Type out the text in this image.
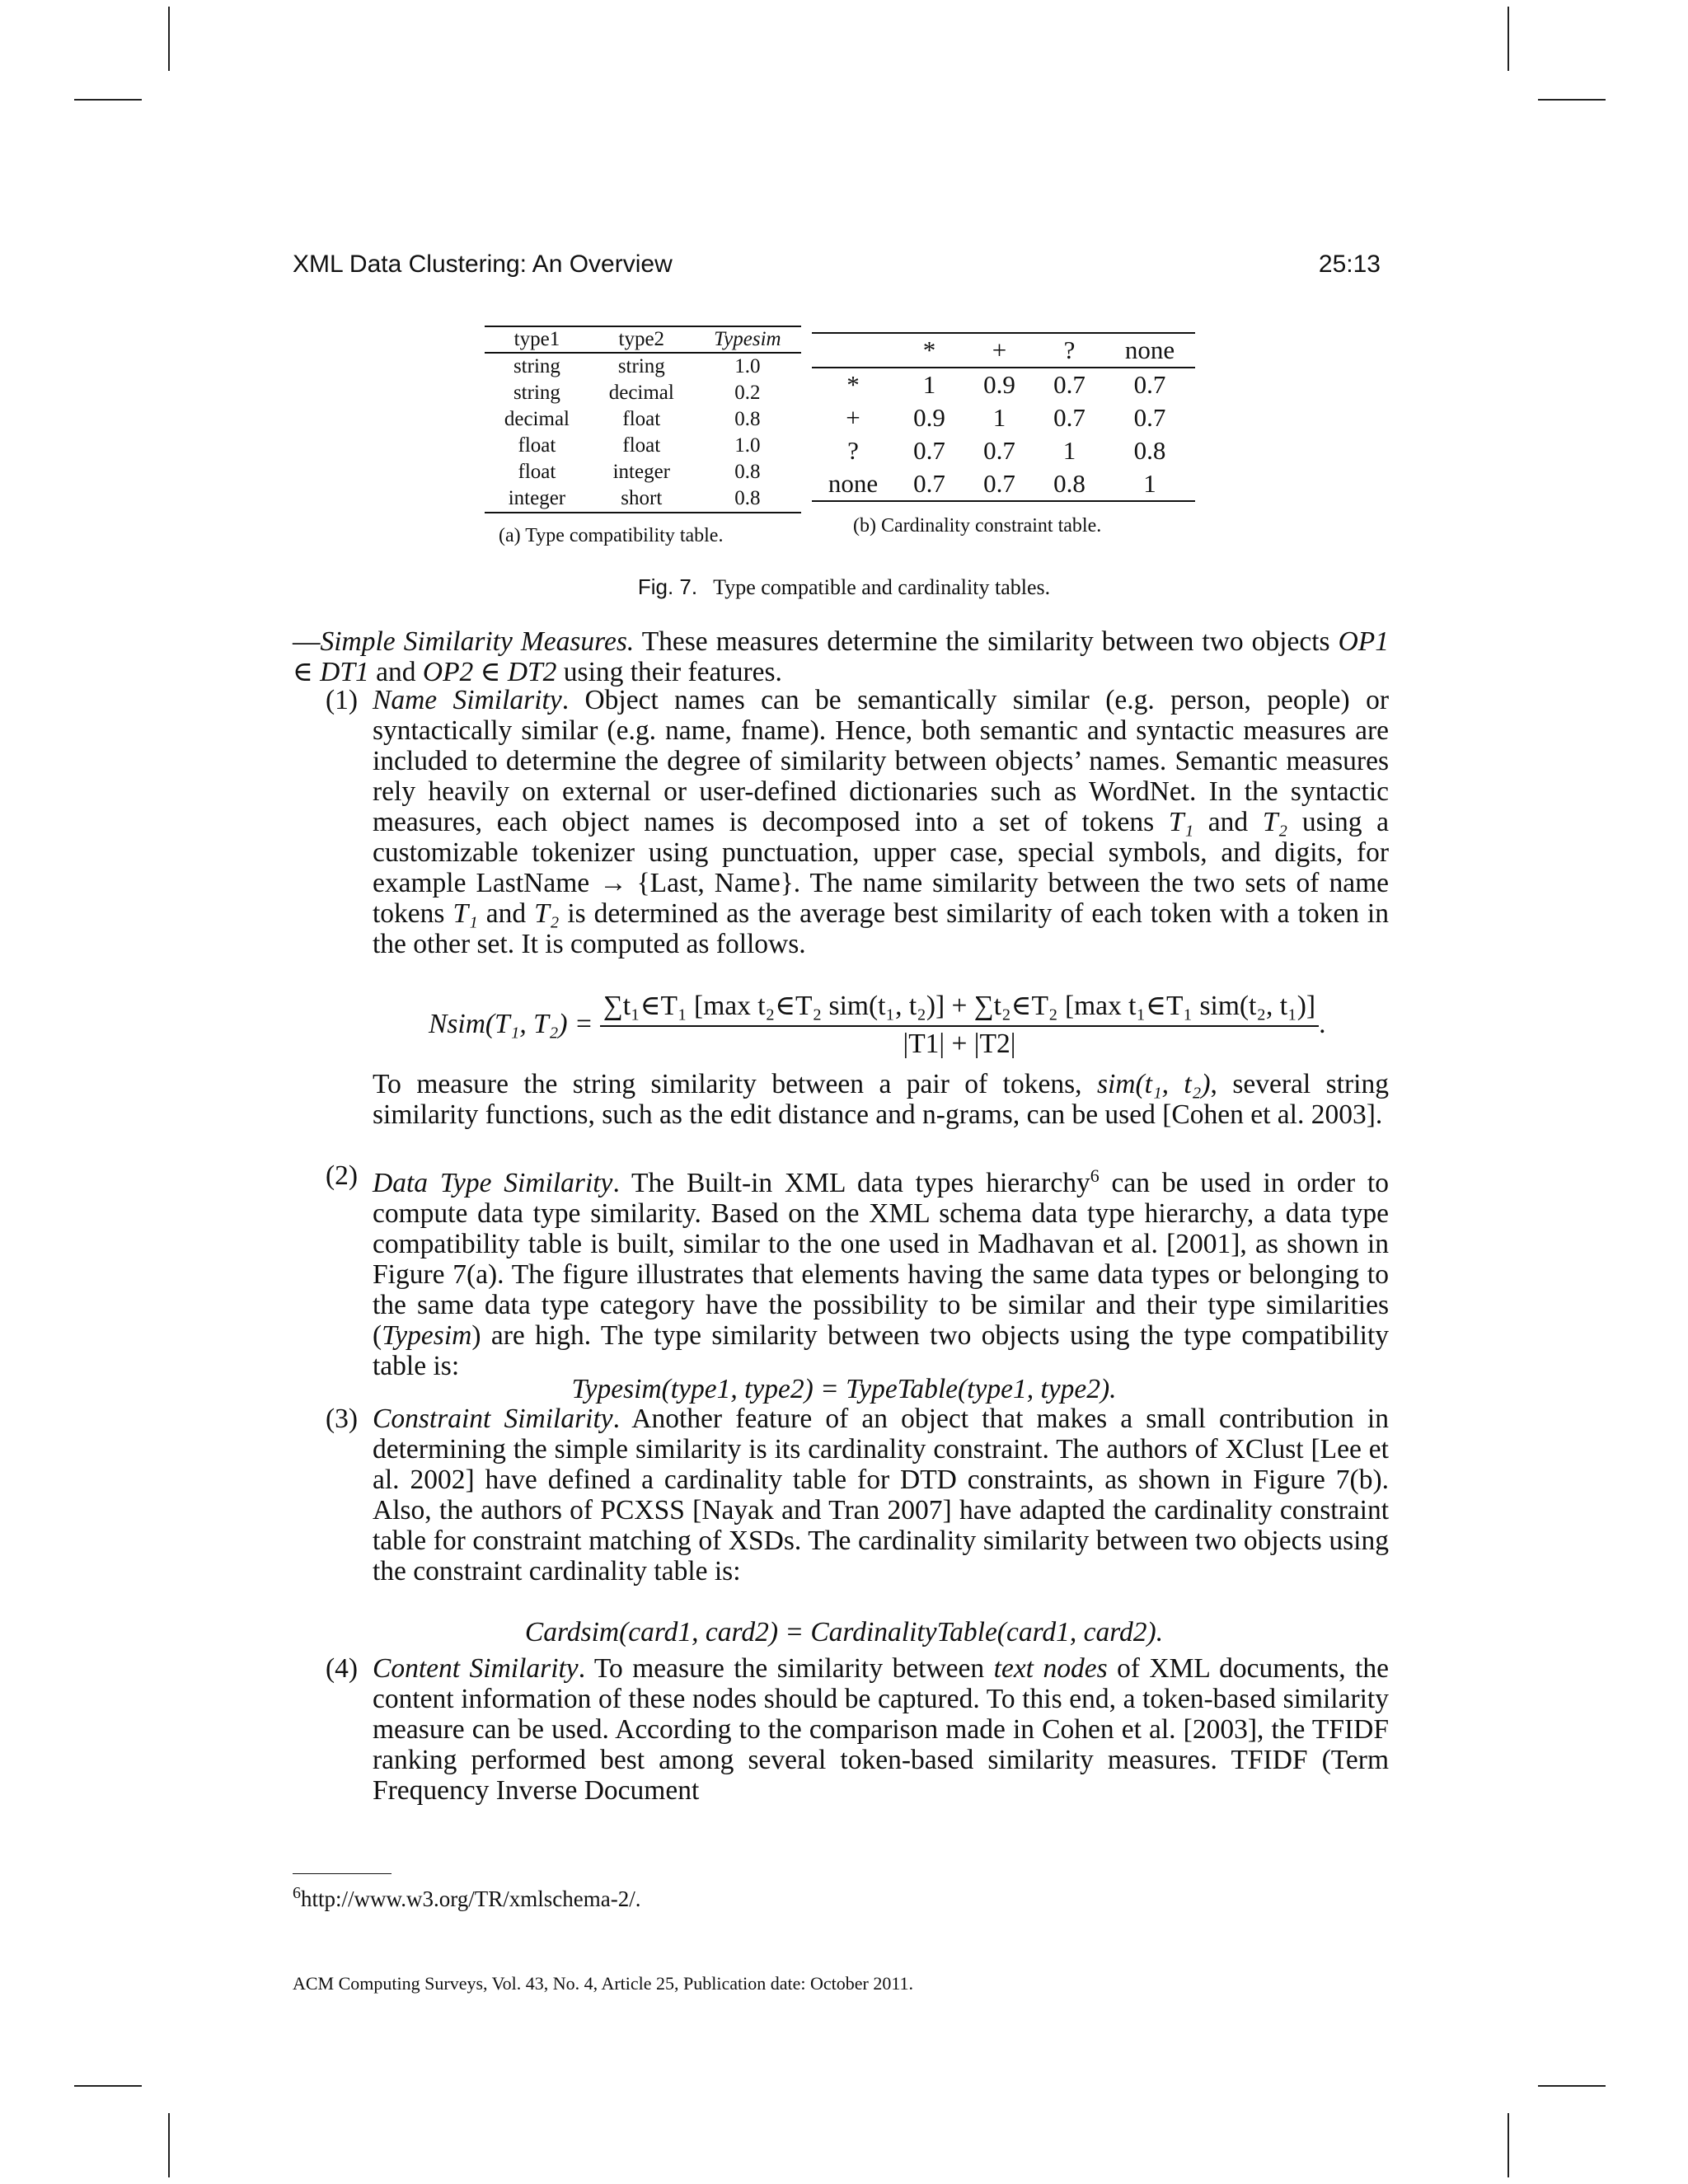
XML Data Clustering: An Overview	25:13
type1	type2	Typesim
string	string	1.0
string	decimal	0.2
decimal	float	0.8
float	float	1.0
float	integer	0.8
integer	short	0.8
(a) Type compatibility table.
	*	+	?	none
*	1	0.9	0.7	0.7
+	0.9	1	0.7	0.7
?	0.7	0.7	1	0.8
none	0.7	0.7	0.8	1
(b) Cardinality constraint table.
Fig. 7. Type compatible and cardinality tables.
—Simple Similarity Measures. These measures determine the similarity between two objects OP1 ∈ DT1 and OP2 ∈ DT2 using their features.
(1) Name Similarity. Object names can be semantically similar (e.g. person, people) or syntactically similar (e.g. name, fname). Hence, both semantic and syntactic measures are included to determine the degree of similarity between objects’ names. Semantic measures rely heavily on external or user-defined dictionaries such as WordNet. In the syntactic measures, each object names is decomposed into a set of tokens T₁ and T₂ using a customizable tokenizer using punctuation, upper case, special symbols, and digits, for example LastName → {Last, Name}. The name similarity between the two sets of name tokens T₁ and T₂ is determined as the average best similarity of each token with a token in the other set. It is computed as follows.
Nsim(T₁, T₂) =
∑t₁∈T₁ [max t₂∈T₂ sim(t₁, t₂)] + ∑t₂∈T₂ [max t₁∈T₁ sim(t₂, t₁)]
|T1| + |T2|
.
To measure the string similarity between a pair of tokens, sim(t₁, t₂), several string similarity functions, such as the edit distance and n-grams, can be used [Cohen et al. 2003].
(2) Data Type Similarity. The Built-in XML data types hierarchy$^6$ can be used in order to compute data type similarity. Based on the XML schema data type hierarchy, a data type compatibility table is built, similar to the one used in Madhavan et al. [2001], as shown in Figure 7(a). The figure illustrates that elements having the same data types or belonging to the same data type category have the possibility to be similar and their type similarities (Typesim) are high. The type similarity between two objects using the type compatibility table is:
Typesim(type1, type2) = TypeTable(type1, type2).
(3) Constraint Similarity. Another feature of an object that makes a small contribution in determining the simple similarity is its cardinality constraint. The authors of XClust [Lee et al. 2002] have defined a cardinality table for DTD constraints, as shown in Figure 7(b). Also, the authors of PCXSS [Nayak and Tran 2007] have adapted the cardinality constraint table for constraint matching of XSDs. The cardinality similarity between two objects using the constraint cardinality table is:
Cardsim(card1, card2) = CardinalityTable(card1, card2).
(4) Content Similarity. To measure the similarity between text nodes of XML documents, the content information of these nodes should be captured. To this end, a token-based similarity measure can be used. According to the comparison made in Cohen et al. [2003], the TFIDF ranking performed best among several token-based similarity measures. TFIDF (Term Frequency Inverse Document
$^6$http://www.w3.org/TR/xmlschema-2/.
ACM Computing Surveys, Vol. 43, No. 4, Article 25, Publication date: October 2011.
